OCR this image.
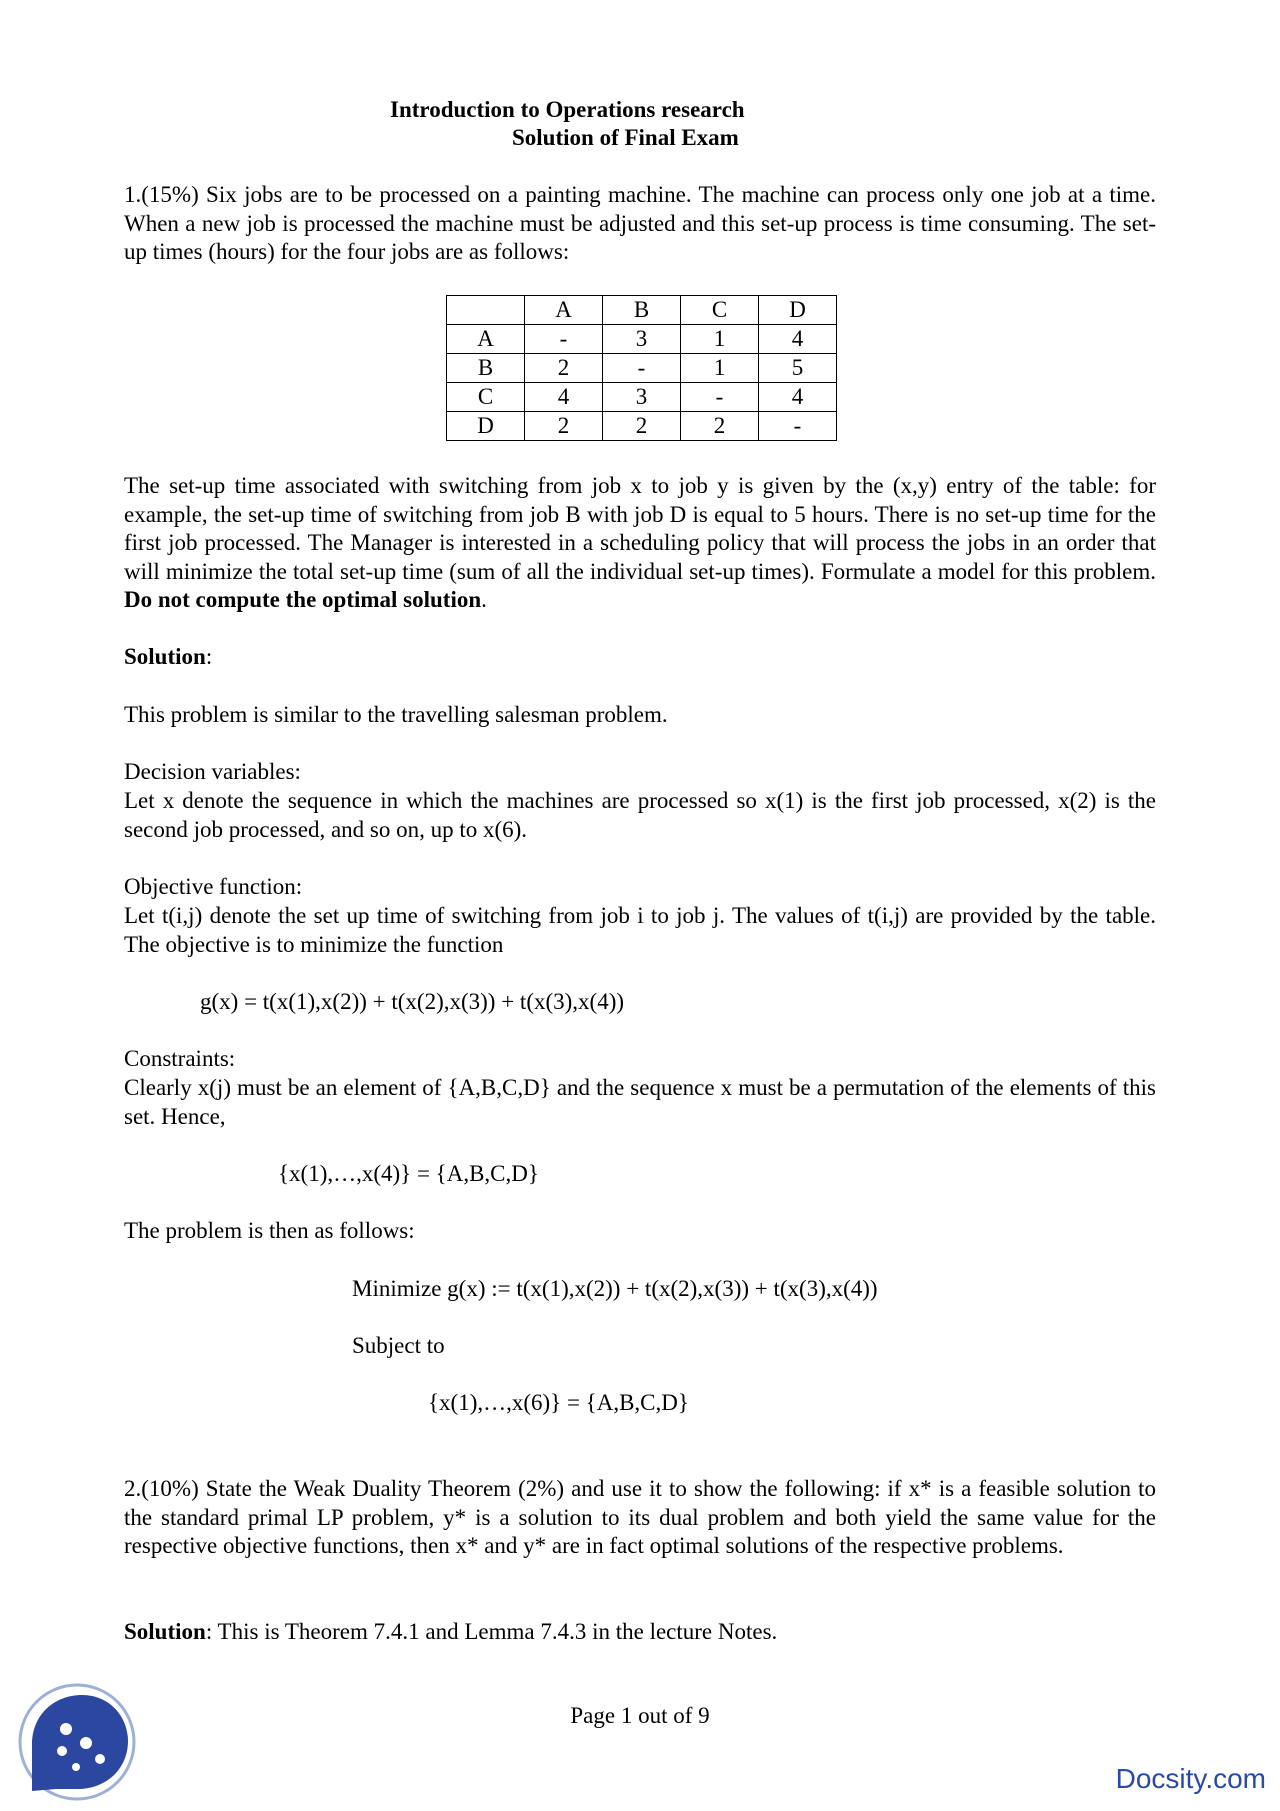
Introduction to Operations research

Solution of Final Exam

1.(15%) Six jobs are to be processed on a painting machine. The machine can process only one job at a time. When a new job is processed the machine must be adjusted and this set-up process is time consuming. The set-up times (hours) for the four jobs are as follows:

	A	B	C	D
A	-	3	1	4
B	2	-	1	5
C	4	3	-	4
D	2	2	2	-

The set-up time associated with switching from job x to job y is given by the (x,y) entry of the table: for example, the set-up time of switching from job B with job D is equal to 5 hours. There is no set-up time for the first job processed. The Manager is interested in a scheduling policy that will process the jobs in an order that will minimize the total set-up time (sum of all the individual set-up times). Formulate a model for this problem. Do not compute the optimal solution.

Solution:

This problem is similar to the travelling salesman problem.

Decision variables:

Let x denote the sequence in which the machines are processed so x(1) is the first job processed, x(2) is the second job processed, and so on, up to x(6).

Objective function:

Let t(i,j) denote the set up time of switching from job i to job j. The values of t(i,j) are provided by the table. The objective is to minimize the function

g(x) = t(x(1),x(2)) + t(x(2),x(3)) + t(x(3),x(4))

Constraints:

Clearly x(j) must be an element of {A,B,C,D} and the sequence x must be a permutation of the elements of this set. Hence,

{x(1),…,x(4)} = {A,B,C,D}

The problem is then as follows:

Minimize g(x) := t(x(1),x(2)) + t(x(2),x(3)) + t(x(3),x(4))

Subject to

{x(1),…,x(6)} = {A,B,C,D}

2.(10%) State the Weak Duality Theorem (2%) and use it to show the following: if x* is a feasible solution to the standard primal LP problem, y* is a solution to its dual problem and both yield the same value for the respective objective functions, then x* and y* are in fact optimal solutions of the respective problems.

Solution: This is Theorem 7.4.1 and Lemma 7.4.3 in the lecture Notes.

Page 1 out of 9

Docsity.com
